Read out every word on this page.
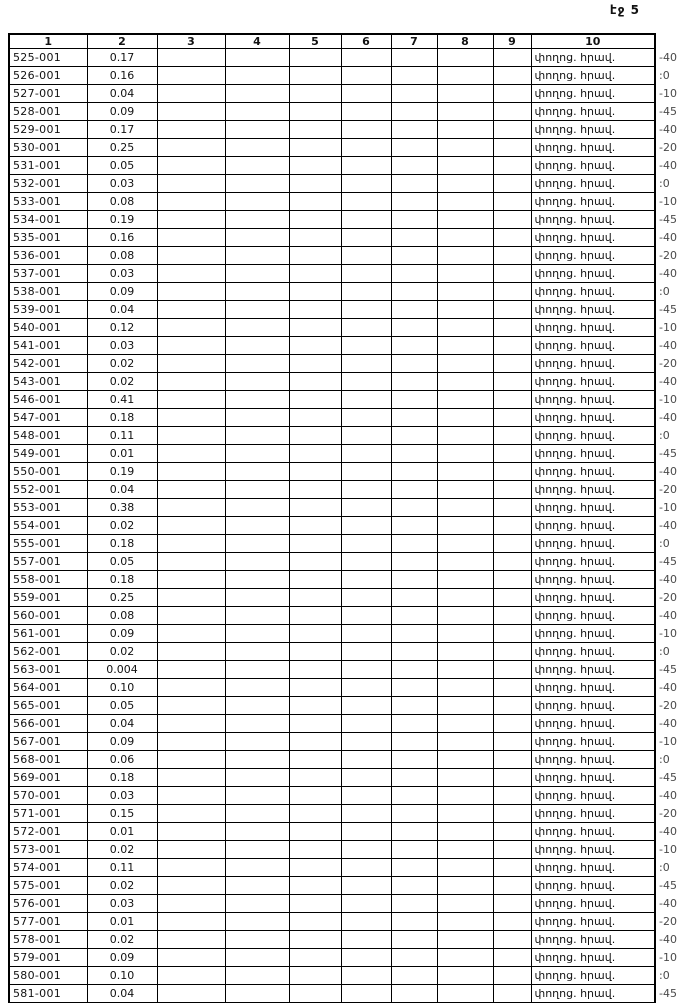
էջ 5
1	2	3	4	5	6	7	8	9	10	
525-001	0.17								փողոց. հրավ.	-40
526-001	0.16								փողոց. հրավ.	:0
527-001	0.04								փողոց. հրավ.	-10
528-001	0.09								փողոց. հրավ.	-45
529-001	0.17								փողոց. հրավ.	-40
530-001	0.25								փողոց. հրավ.	-20
531-001	0.05								փողոց. հրավ.	-40
532-001	0.03								փողոց. հրավ.	:0
533-001	0.08								փողոց. հրավ.	-10
534-001	0.19								փողոց. հրավ.	-45
535-001	0.16								փողոց. հրավ.	-40
536-001	0.08								փողոց. հրավ.	-20
537-001	0.03								փողոց. հրավ.	-40
538-001	0.09								փողոց. հրավ.	:0
539-001	0.04								փողոց. հրավ.	-45
540-001	0.12								փողոց. հրավ.	-10
541-001	0.03								փողոց. հրավ.	-40
542-001	0.02								փողոց. հրավ.	-20
543-001	0.02								փողոց. հրավ.	-40
546-001	0.41								փողոց. հրավ.	-10
547-001	0.18								փողոց. հրավ.	-40
548-001	0.11								փողոց. հրավ.	:0
549-001	0.01								փողոց. հրավ.	-45
550-001	0.19								փողոց. հրավ.	-40
552-001	0.04								փողոց. հրավ.	-20
553-001	0.38								փողոց. հրավ.	-10
554-001	0.02								փողոց. հրավ.	-40
555-001	0.18								փողոց. հրավ.	:0
557-001	0.05								փողոց. հրավ.	-45
558-001	0.18								փողոց. հրավ.	-40
559-001	0.25								փողոց. հրավ.	-20
560-001	0.08								փողոց. հրավ.	-40
561-001	0.09								փողոց. հրավ.	-10
562-001	0.02								փողոց. հրավ.	:0
563-001	0.004								փողոց. հրավ.	-45
564-001	0.10								փողոց. հրավ.	-40
565-001	0.05								փողոց. հրավ.	-20
566-001	0.04								փողոց. հրավ.	-40
567-001	0.09								փողոց. հրավ.	-10
568-001	0.06								փողոց. հրավ.	:0
569-001	0.18								փողոց. հրավ.	-45
570-001	0.03								փողոց. հրավ.	-40
571-001	0.15								փողոց. հրավ.	-20
572-001	0.01								փողոց. հրավ.	-40
573-001	0.02								փողոց. հրավ.	-10
574-001	0.11								փողոց. հրավ.	:0
575-001	0.02								փողոց. հրավ.	-45
576-001	0.03								փողոց. հրավ.	-40
577-001	0.01								փողոց. հրավ.	-20
578-001	0.02								փողոց. հրավ.	-40
579-001	0.09								փողոց. հրավ.	-10
580-001	0.10								փողոց. հրավ.	:0
581-001	0.04								փողոց. հրավ.	-45
